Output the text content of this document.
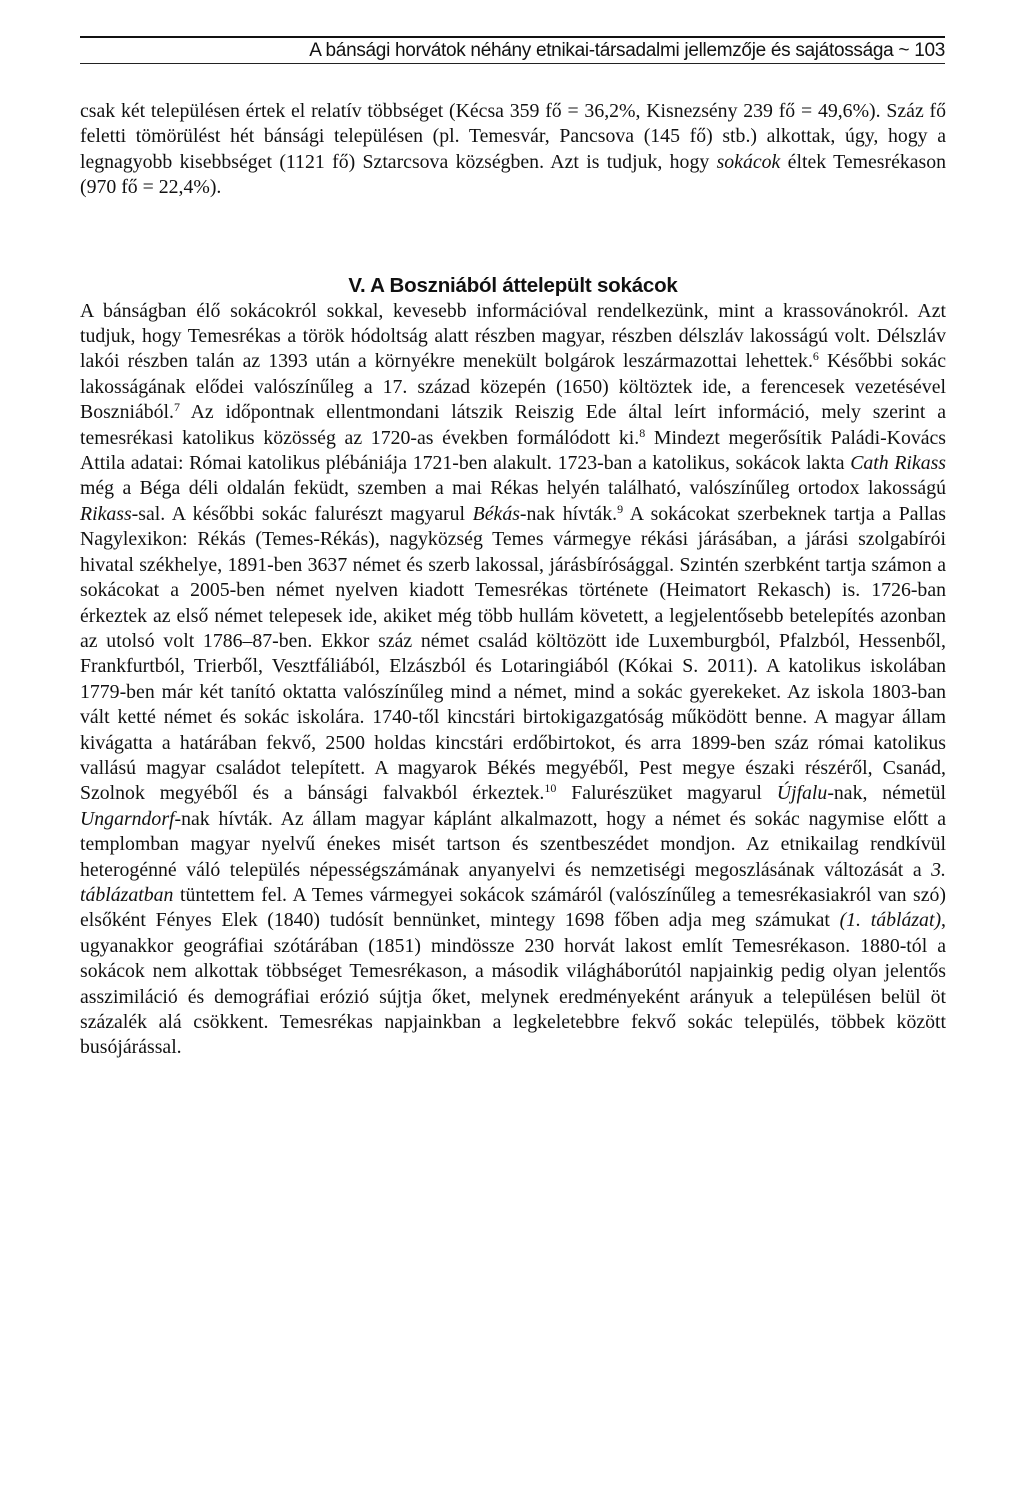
A bánsági horvátok néhány etnikai-társadalmi jellemzője és sajátossága ~ 103

csak két településen értek el relatív többséget (Kécsa 359 fő = 36,2%, Kisnezsény 239 fő = 49,6%). Száz fő feletti tömörülést hét bánsági településen (pl. Temesvár, Pancsova (145 fő) stb.) alkottak, úgy, hogy a legnagyobb kisebbséget (1121 fő) Sztarcsova községben. Azt is tudjuk, hogy sokácok éltek Temesrékason (970 fő = 22,4%).

V. A Boszniából áttelepült sokácok

A bánságban élő sokácokról sokkal, kevesebb információval rendelkezünk, mint a krassovánokról. Azt tudjuk, hogy Temesrékas a török hódoltság alatt részben magyar, részben délszláv lakosságú volt. Délszláv lakói részben talán az 1393 után a környékre menekült bolgárok leszármazottai lehettek.$^6$ Későbbi sokác lakosságának elődei valószínűleg a 17. század közepén (1650) költöztek ide, a ferencesek vezetésével Boszniából.$^7$ Az időpontnak ellentmondani látszik Reiszig Ede által leírt információ, mely szerint a temesrékasi katolikus közösség az 1720-as években formálódott ki.$^8$ Mindezt megerősítik Paládi-Kovács Attila adatai: Római katolikus plébániája 1721-ben alakult. 1723-ban a katolikus, sokácok lakta Cath Rikass még a Béga déli oldalán feküdt, szemben a mai Rékas helyén található, valószínűleg ortodox lakosságú Rikass-sal. A későbbi sokác falurészt magyarul Békás-nak hívták.$^9$ A sokácokat szerbeknek tartja a Pallas Nagylexikon: Rékás (Temes-Rékás), nagyközség Temes vármegye rékási járásában, a járási szolgabírói hivatal székhelye, 1891-ben 3637 német és szerb lakossal, járásbírósággal. Szintén szerbként tartja számon a sokácokat a 2005-ben német nyelven kiadott Temesrékas története (Heimatort Rekasch) is. 1726-ban érkeztek az első német telepesek ide, akiket még több hullám követett, a legjelentősebb betelepítés azonban az utolsó volt 1786–87-ben. Ekkor száz német család költözött ide Luxemburgból, Pfalzból, Hessenből, Frankfurtból, Trierből, Vesztfáliából, Elzászból és Lotaringiából (Kókai S. 2011). A katolikus iskolában 1779-ben már két tanító oktatta valószínűleg mind a német, mind a sokác gyerekeket. Az iskola 1803-ban vált ketté német és sokác iskolára. 1740-től kincstári birtokigazgatóság működött benne. A magyar állam kivágatta a határában fekvő, 2500 holdas kincstári erdőbirtokot, és arra 1899-ben száz római katolikus vallású magyar családot telepített. A magyarok Békés megyéből, Pest megye északi részéről, Csanád, Szolnok megyéből és a bánsági falvakból érkeztek.$^{10}$ Falurészüket magyarul Újfalu-nak, németül Ungarndorf-nak hívták. Az állam magyar káplánt alkalmazott, hogy a német és sokác nagymise előtt a templomban magyar nyelvű énekes misét tartson és szentbeszédet mondjon. Az etnikailag rendkívül heterogénné váló település népességszámának anyanyelvi és nemzetiségi megoszlásának változását a 3. táblázatban tüntettem fel. A Temes vármegyei sokácok számáról (valószínűleg a temesrékasiakról van szó) elsőként Fényes Elek (1840) tudósít bennünket, mintegy 1698 főben adja meg számukat (1. táblázat), ugyanakkor geográfiai szótárában (1851) mindössze 230 horvát lakost említ Temesrékason. 1880-tól a sokácok nem alkottak többséget Temesrékason, a második világháborútól napjainkig pedig olyan jelentős asszimiláció és demográfiai erózió sújtja őket, melynek eredményeként arányuk a településen belül öt százalék alá csökkent. Temesrékas napjainkban a legkeletebbre fekvő sokác település, többek között busójárással.
